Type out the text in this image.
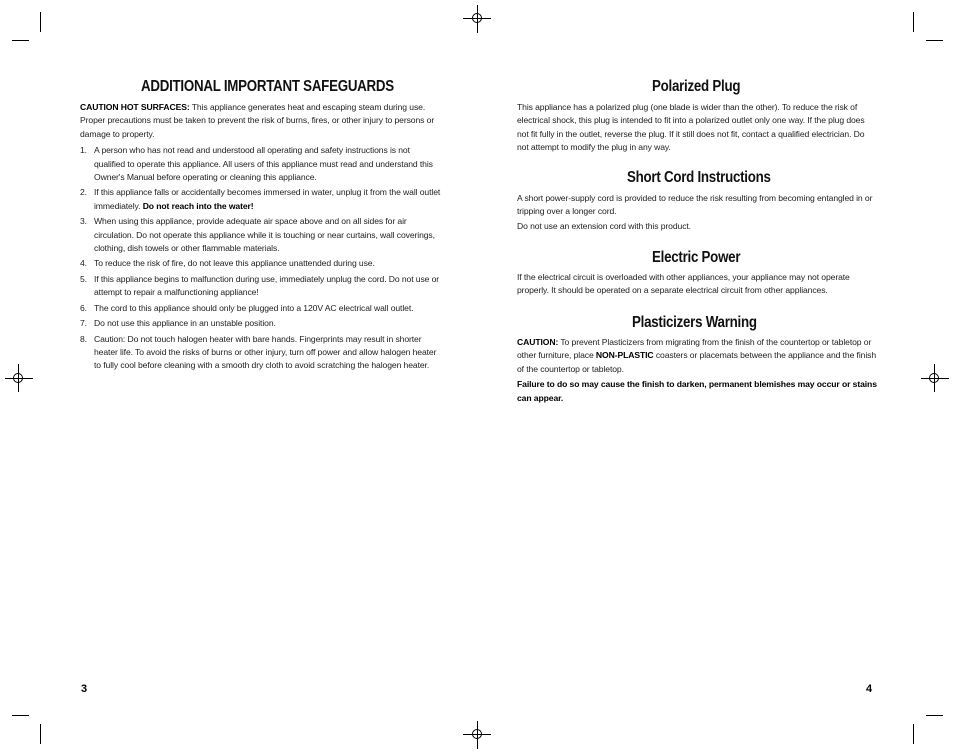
ADDITIONAL IMPORTANT SAFEGUARDS
CAUTION HOT SURFACES: This appliance generates heat and escaping steam during use. Proper precautions must be taken to prevent the risk of burns, fires, or other injury to persons or damage to property.
1. A person who has not read and understood all operating and safety instructions is not qualified to operate this appliance. All users of this appliance must read and understand this Owner's Manual before operating or cleaning this appliance.
2. If this appliance falls or accidentally becomes immersed in water, unplug it from the wall outlet immediately. Do not reach into the water!
3. When using this appliance, provide adequate air space above and on all sides for air circulation. Do not operate this appliance while it is touching or near curtains, wall coverings, clothing, dish towels or other flammable materials.
4. To reduce the risk of fire, do not leave this appliance unattended during use.
5. If this appliance begins to malfunction during use, immediately unplug the cord. Do not use or attempt to repair a malfunctioning appliance!
6. The cord to this appliance should only be plugged into a 120V AC electrical wall outlet.
7. Do not use this appliance in an unstable position.
8. Caution: Do not touch halogen heater with bare hands. Fingerprints may result in shorter heater life. To avoid the risks of burns or other injury, turn off power and allow halogen heater to fully cool before cleaning with a smooth dry cloth to avoid scratching the halogen heater.
3
Polarized Plug
This appliance has a polarized plug (one blade is wider than the other). To reduce the risk of electrical shock, this plug is intended to fit into a polarized outlet only one way. If the plug does not fit fully in the outlet, reverse the plug. If it still does not fit, contact a qualified electrician. Do not attempt to modify the plug in any way.
Short Cord Instructions
A short power-supply cord is provided to reduce the risk resulting from becoming entangled in or tripping over a longer cord.
Do not use an extension cord with this product.
Electric Power
If the electrical circuit is overloaded with other appliances, your appliance may not operate properly. It should be operated on a separate electrical circuit from other appliances.
Plasticizers Warning
CAUTION: To prevent Plasticizers from migrating from the finish of the countertop or tabletop or other furniture, place NON-PLASTIC coasters or placemats between the appliance and the finish of the countertop or tabletop.
Failure to do so may cause the finish to darken, permanent blemishes may occur or stains can appear.
4
